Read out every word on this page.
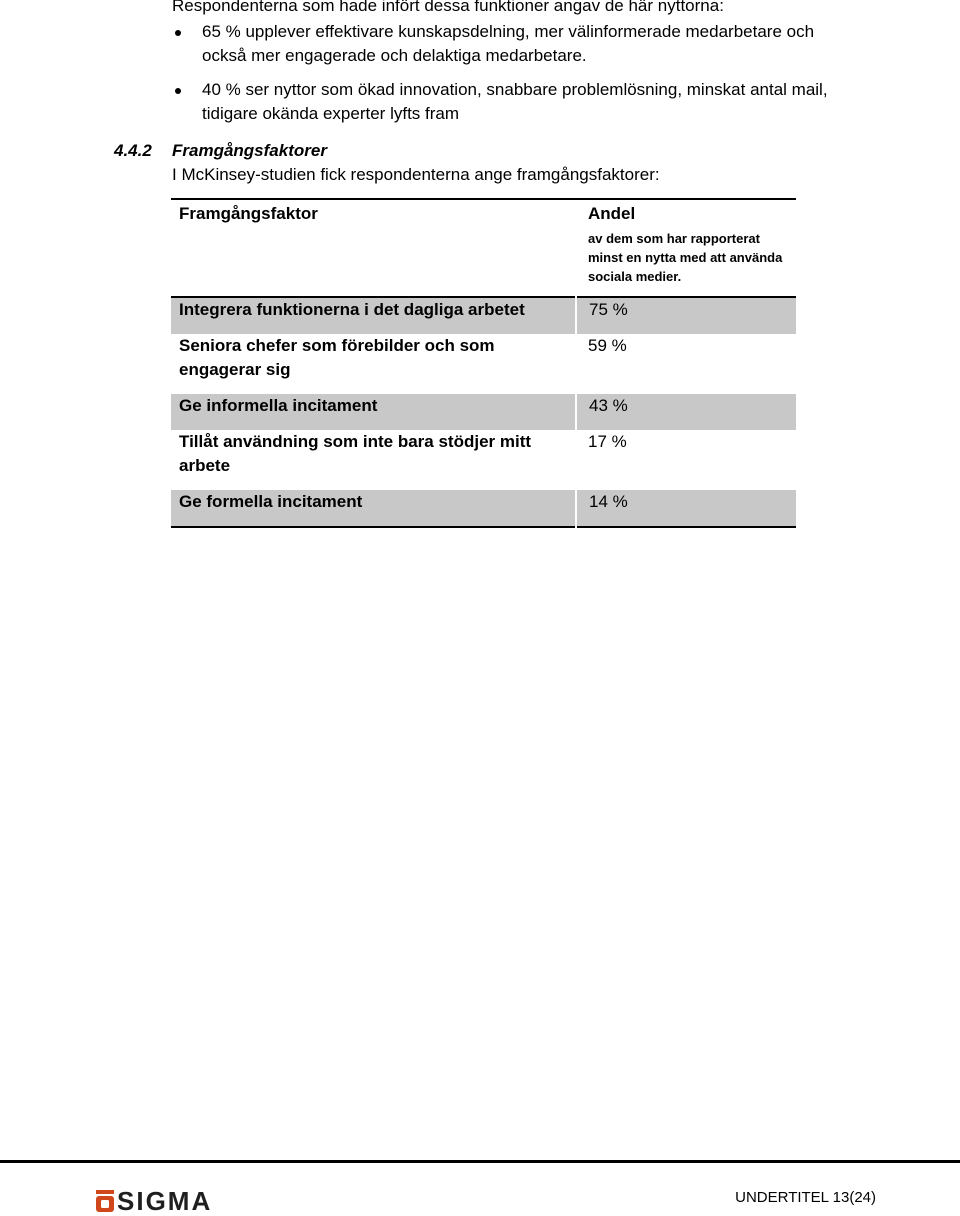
Respondenterna som hade infört dessa funktioner angav de här nyttorna:
65 % upplever effektivare kunskapsdelning, mer välinformerade medarbetare och också mer engagerade och delaktiga medarbetare.
40 % ser nyttor som ökad innovation, snabbare problemlösning, minskat antal mail, tidigare okända experter lyfts fram
4.4.2 Framgångsfaktorer
I McKinsey-studien fick respondenterna ange framgångsfaktorer:
Framgångsfaktor	Andel
av dem som har rapporterat minst en nytta med att använda sociala medier.

Integrera funktionerna i det dagliga arbetet	75 %
Seniora chefer som förebilder och som engagerar sig	59 %
Ge informella incitament	43 %
Tillåt användning som inte bara stödjer mitt arbete	17 %
Ge formella incitament	14 %
SIGMA	UNDERTITEL 13(24)
